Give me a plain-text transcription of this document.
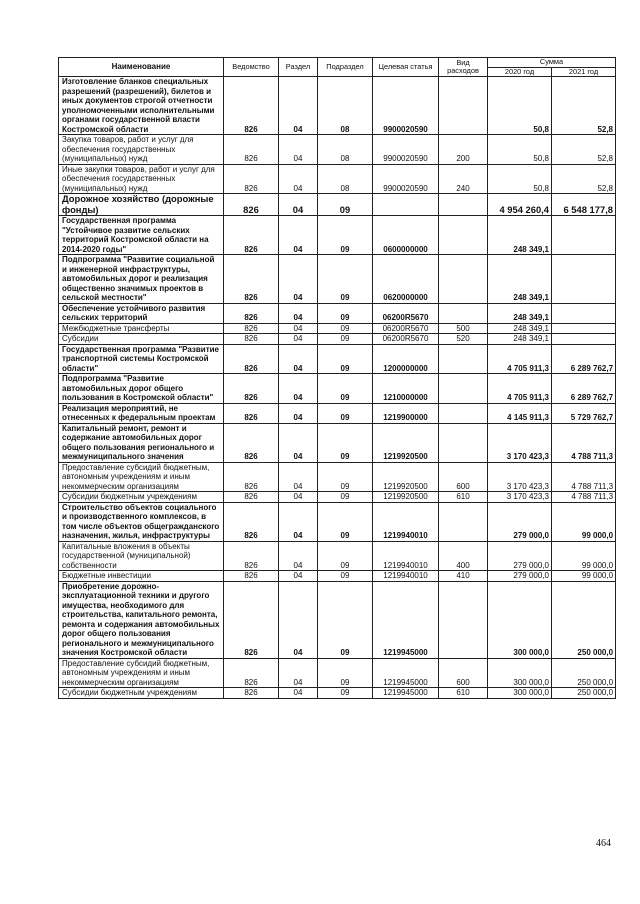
Наименование	Ведомство	Раздел	Подраздел	Целевая статья	Вид расходов	Сумма	
						2020 год	2021 год
Изготовление бланков специальных разрешений (разрешений), билетов и иных документов строгой отчетности уполномоченными исполнительными органами государственной власти Костромской области	826	04	08	9900020590		50,8	52,8
Закупка товаров, работ и услуг для обеспечения государственных (муниципальных) нужд	826	04	08	9900020590	200	50,8	52,8
Иные закупки товаров, работ и услуг для обеспечения государственных (муниципальных) нужд	826	04	08	9900020590	240	50,8	52,8
Дорожное хозяйство (дорожные фонды)	826	04	09			4 954 260,4	6 548 177,8
Государственная программа "Устойчивое развитие сельских территорий Костромской области на 2014-2020 годы"	826	04	09	0600000000		248 349,1	
Подпрограмма "Развитие социальной и инженерной инфраструктуры, автомобильных дорог и реализация общественно значимых проектов в сельской местности"	826	04	09	0620000000		248 349,1	
Обеспечение устойчивого развития сельских территорий	826	04	09	06200R5670		248 349,1	
Межбюджетные трансферты	826	04	09	06200R5670	500	248 349,1	
Субсидии	826	04	09	06200R5670	520	248 349,1	
Государственная программа "Развитие транспортной системы Костромской области"	826	04	09	1200000000		4 705 911,3	6 289 762,7
Подпрограмма "Развитие автомобильных дорог общего пользования в Костромской области"	826	04	09	1210000000		4 705 911,3	6 289 762,7
Реализация мероприятий, не отнесенных к федеральным проектам	826	04	09	1219900000		4 145 911,3	5 729 762,7
Капитальный ремонт, ремонт и содержание автомобильных дорог общего пользования регионального и межмуниципального значения	826	04	09	1219920500		3 170 423,3	4 788 711,3
Предоставление субсидий бюджетным, автономным учреждениям и иным некоммерческим организациям	826	04	09	1219920500	600	3 170 423,3	4 788 711,3
Субсидии бюджетным учреждениям	826	04	09	1219920500	610	3 170 423,3	4 788 711,3
Строительство объектов социального и производственного комплексов, в том числе объектов общегражданского назначения, жилья, инфраструктуры	826	04	09	1219940010		279 000,0	99 000,0
Капитальные вложения в объекты государственной (муниципальной) собственности	826	04	09	1219940010	400	279 000,0	99 000,0
Бюджетные инвестиции	826	04	09	1219940010	410	279 000,0	99 000,0
Приобретение дорожно-эксплуатационной техники и другого имущества, необходимого для строительства, капитального ремонта, ремонта и содержания автомобильных дорог общего пользования регионального и межмуниципального значения Костромской области	826	04	09	1219945000		300 000,0	250 000,0
Предоставление субсидий бюджетным, автономным учреждениям и иным некоммерческим организациям	826	04	09	1219945000	600	300 000,0	250 000,0
Субсидии бюджетным учреждениям	826	04	09	1219945000	610	300 000,0	250 000,0
464
